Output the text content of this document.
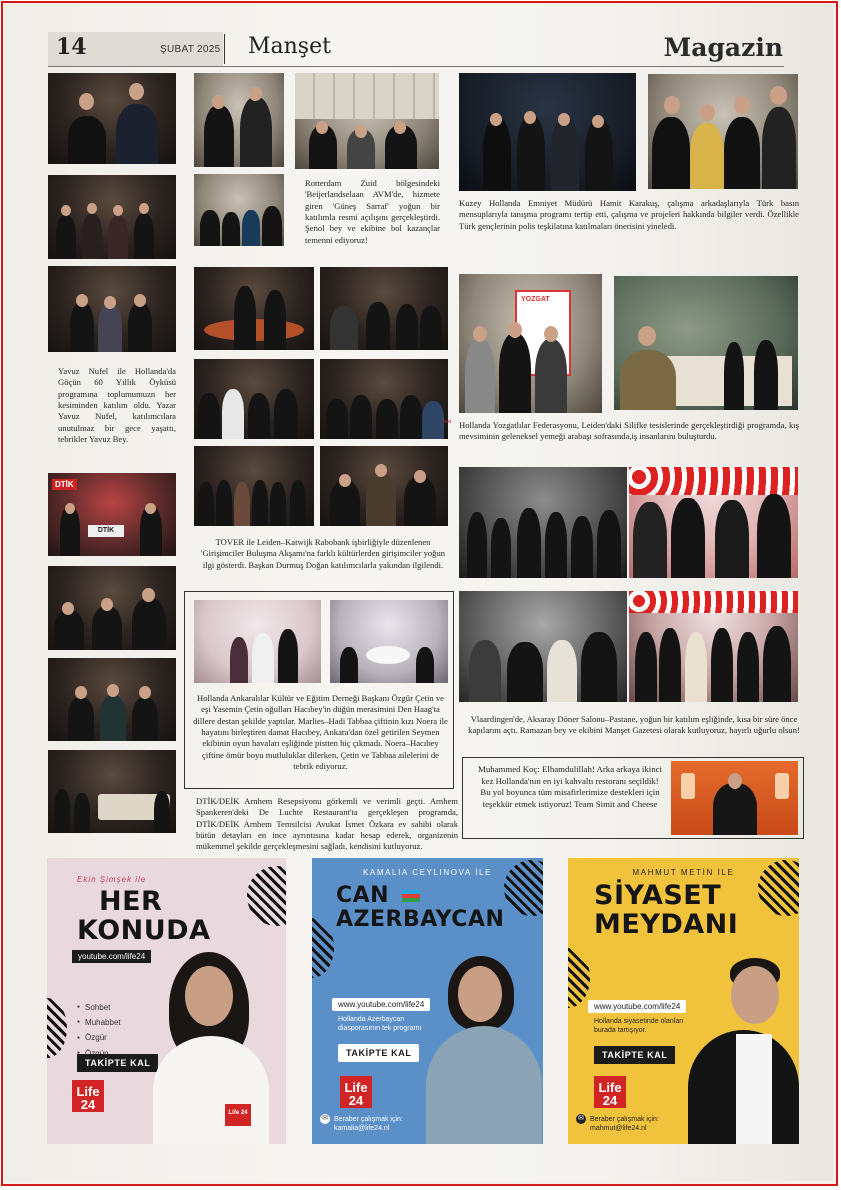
14	ŞUBAT 2025 Manşet	Magazin
Yavuz Nufel ile Hollanda'da Göçün 60 Yıllık Öyküsü programına toplumumuzn her kesiminden katılım oldu. Yazar Yavuz Nufel, katılımcılara unutulmaz bir gece yaşattı, tebrikler Yavuz Bey.
DTİK
DTİK
Rotterdam Zuid bölgesindeki 'Beijerlandselaan AVM'de, hizmete giren 'Güneş Sarraf' yoğun bir katılımla resmi açılışını gerçekleştirdi. Şenol bey ve ekibine bol kazançlar temenni ediyoruz!
Text
TOVER ile Leiden–Katwijk Rabobank işbirliğiyle düzenlenen 'Girişimciler Buluşma Akşamı'na farklı kültürlerden girişimciler yoğun ilgi gösterdi. Başkan Durmuş Doğan katılımcılarla yakından ilgilendi.
Hollanda Ankaralılar Kültür ve Eğitim Derneği Başkanı Özgür Çetin ve eşi Yasemin Çetin oğulları Hacıbey'in düğün merasimini Den Haag'ta dillere destan şekilde yaptılar. Marlies–Hadi Tabbaa çiftinin kızı Noera ile hayatını birleştiren damat Hacıbey, Ankara'dan özel getirilen Seymen ekibinin oyun havaları eşliğinde pistten hiç çıkmadı. Noera–Hacıbey çiftine ömür boyu mutluluklar dilerken, Çetin ve Tabbaa ailelerini de tebrik ediyoruz.
DTİK/DEİK Arnhem Resepsiyonu görkemli ve verimli geçti. Arnhem Spankeren'deki De Luchte Restaurant'ta gerçekleşen programda, DTİK/DEİK Arnhem Temsilcisi Avukat İsmet Özkara ev sahibi olarak bütün detayları en ince ayrıntısına kadar hesap ederek, organizenin mükemmel şekilde gerçekleşmesini sağladı, kendisini kutluyoruz.
Kuzey Hollanda Emniyet Müdürü Hamit Karakuş, çalışma arkadaşlarıyla Türk basın mensuplarıyla tanışma programı tertip etti, çalışma ve projeleri hakkında bilgiler verdi. Özellikle Türk gençlerinin polis teşkilatına katılmaları önerisini yineledi.
YOZGAT
Hollanda Yozgatlılar Federasyonu, Leiden'daki Silifke tesislerinde gerçekleştirdiği programda, kış mevsiminin geleneksel yemeği arabaşı sofrasında,iş insanlarını buluşturdu.
Vlaardingen'de, Aksaray Döner Salonu–Pastane, yoğun bir katılım eşliğinde, kısa bir süre önce kapılarını açtı. Ramazan bey ve ekibini Manşet Gazetesi olarak kutluyoruz, hayırlı uğurlu olsun!
Muhammed Koç: Elhamdulillah! Arka arkaya ikinci kez Hollanda'nın en iyi kahvaltı restoranı seçildik! Bu yol boyunca tüm misafirlerimize destekleri için teşekkür etmek istiyoruz! Team Simit and Cheese
Ekin Şimşek ile
HER
KONUDA
youtube.com/life24
● Sohbet
● Muhabbet
● Özgür
●
TAKİPTE KAL
Life
24
Life 24
KAMALIA CEYLINOVA İLE
CAN
AZERBAYCAN
www.youtube.com/life24
Hollanda Azerbaycan diasporasının tek programı
TAKİPTE KAL
Life
24
✉ Beraber çalışmak için:
kamalia@life24.nl
MAHMUT METİN İLE
SİYASET
MEYDANI
www.youtube.com/life24
Hollanda siyasetinde olanları burada tartışıyor.
TAKİPTE KAL
Life
24
✉ Beraber çalışmak için:
mahmut@life24.nl
